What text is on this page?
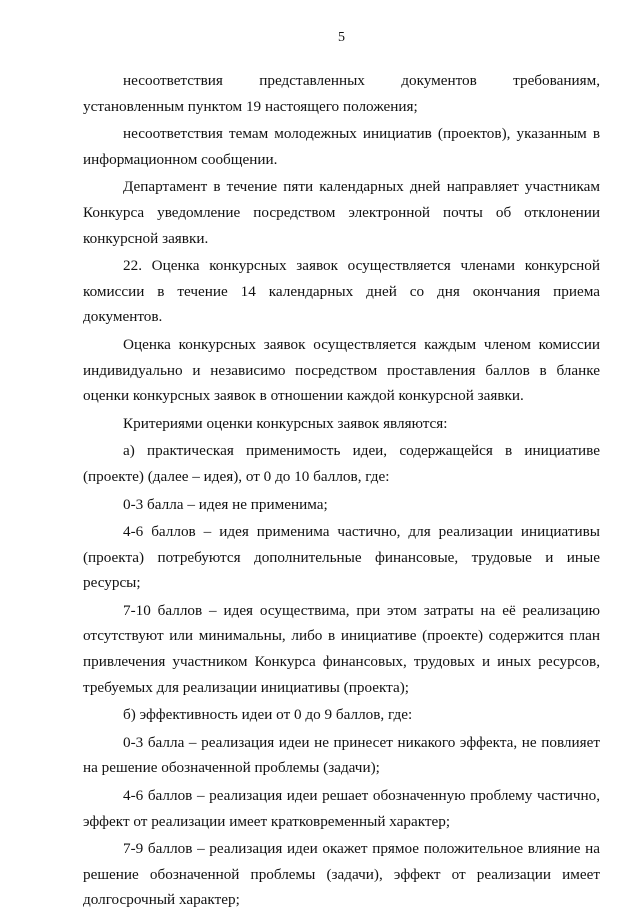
5

несоответствия представленных документов требованиям, установленным пунктом 19 настоящего положения;

несоответствия темам молодежных инициатив (проектов), указанным в информационном сообщении.

Департамент в течение пяти календарных дней направляет участникам Конкурса уведомление посредством электронной почты об отклонении конкурсной заявки.

22. Оценка конкурсных заявок осуществляется членами конкурсной комиссии в течение 14 календарных дней со дня окончания приема документов.

Оценка конкурсных заявок осуществляется каждым членом комиссии индивидуально и независимо посредством проставления баллов в бланке оценки конкурсных заявок в отношении каждой конкурсной заявки.

Критериями оценки конкурсных заявок являются:

а) практическая применимость идеи, содержащейся в инициативе (проекте) (далее – идея), от 0 до 10 баллов, где:

0-3 балла – идея не применима;

4-6 баллов – идея применима частично, для реализации инициативы (проекта) потребуются дополнительные финансовые, трудовые и иные ресурсы;

7-10 баллов – идея осуществима, при этом затраты на её реализацию отсутствуют или минимальны, либо в инициативе (проекте) содержится план привлечения участником Конкурса финансовых, трудовых и иных ресурсов, требуемых для реализации инициативы (проекта);

б) эффективность идеи от 0 до 9 баллов, где:

0-3 балла – реализация идеи не принесет никакого эффекта, не повлияет на решение обозначенной проблемы (задачи);

4-6 баллов – реализация идеи решает обозначенную проблему частично, эффект от реализации имеет кратковременный характер;

7-9 баллов – реализация идеи окажет прямое положительное влияние на решение обозначенной проблемы (задачи), эффект от реализации имеет долгосрочный характер;
